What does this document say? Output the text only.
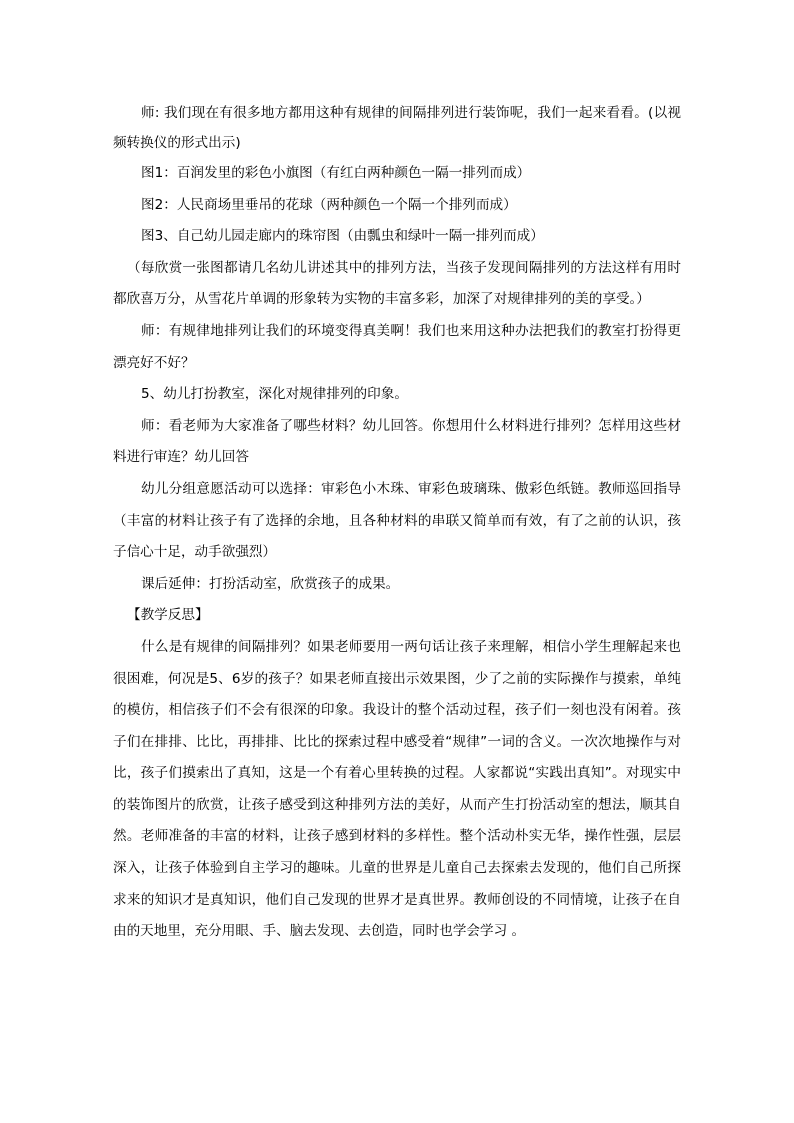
师: 我们现在有很多地方都用这种有规律的间隔排列进行装饰呢，我们一起来看看。(以视频转换仪的形式出示)

图1：百润发里的彩色小旗图（有红白两种颜色一隔一排列而成）

图2：人民商场里垂吊的花球（两种颜色一个隔一个排列而成）

图3、自己幼儿园走廊内的珠帘图（由瓢虫和绿叶一隔一排列而成）

（每欣赏一张图都请几名幼儿讲述其中的排列方法，当孩子发现间隔排列的方法这样有用时都欣喜万分，从雪花片单调的形象转为实物的丰富多彩，加深了对规律排列的美的享受。）

师：有规律地排列让我们的环境变得真美啊！我们也来用这种办法把我们的教室打扮得更漂亮好不好？

5、幼儿打扮教室，深化对规律排列的印象。

师：看老师为大家准备了哪些材料？幼儿回答。你想用什么材料进行排列？怎样用这些材料进行审连？幼儿回答

幼儿分组意愿活动可以选择：审彩色小木珠、审彩色玻璃珠、傲彩色纸链。教师巡回指导（丰富的材料让孩子有了选择的余地，且各种材料的串联又简单而有效，有了之前的认识，孩子信心十足，动手欲强烈）

课后延伸：打扮活动室，欣赏孩子的成果。

【教学反思】

什么是有规律的间隔排列？如果老师要用一两句话让孩子来理解，相信小学生理解起来也很困难，何况是5、6岁的孩子？如果老师直接出示效果图，少了之前的实际操作与摸索，单纯的模仿，相信孩子们不会有很深的印象。我设计的整个活动过程，孩子们一刻也没有闲着。孩子们在排排、比比，再排排、比比的探索过程中感受着“规律”一词的含义。一次次地操作与对比，孩子们摸索出了真知，这是一个有着心里转换的过程。人家都说“实践出真知”。对现实中的装饰图片的欣赏，让孩子感受到这种排列方法的美好，从而产生打扮活动室的想法，顺其自然。老师准备的丰富的材料，让孩子感到材料的多样性。整个活动朴实无华，操作性强，层层深入，让孩子体验到自主学习的趣味。儿童的世界是儿童自己去探索去发现的，他们自己所探求来的知识才是真知识，他们自己发现的世界才是真世界。教师创设的不同情境，让孩子在自由的天地里，充分用眼、手、脑去发现、去创造，同时也学会学习 。
